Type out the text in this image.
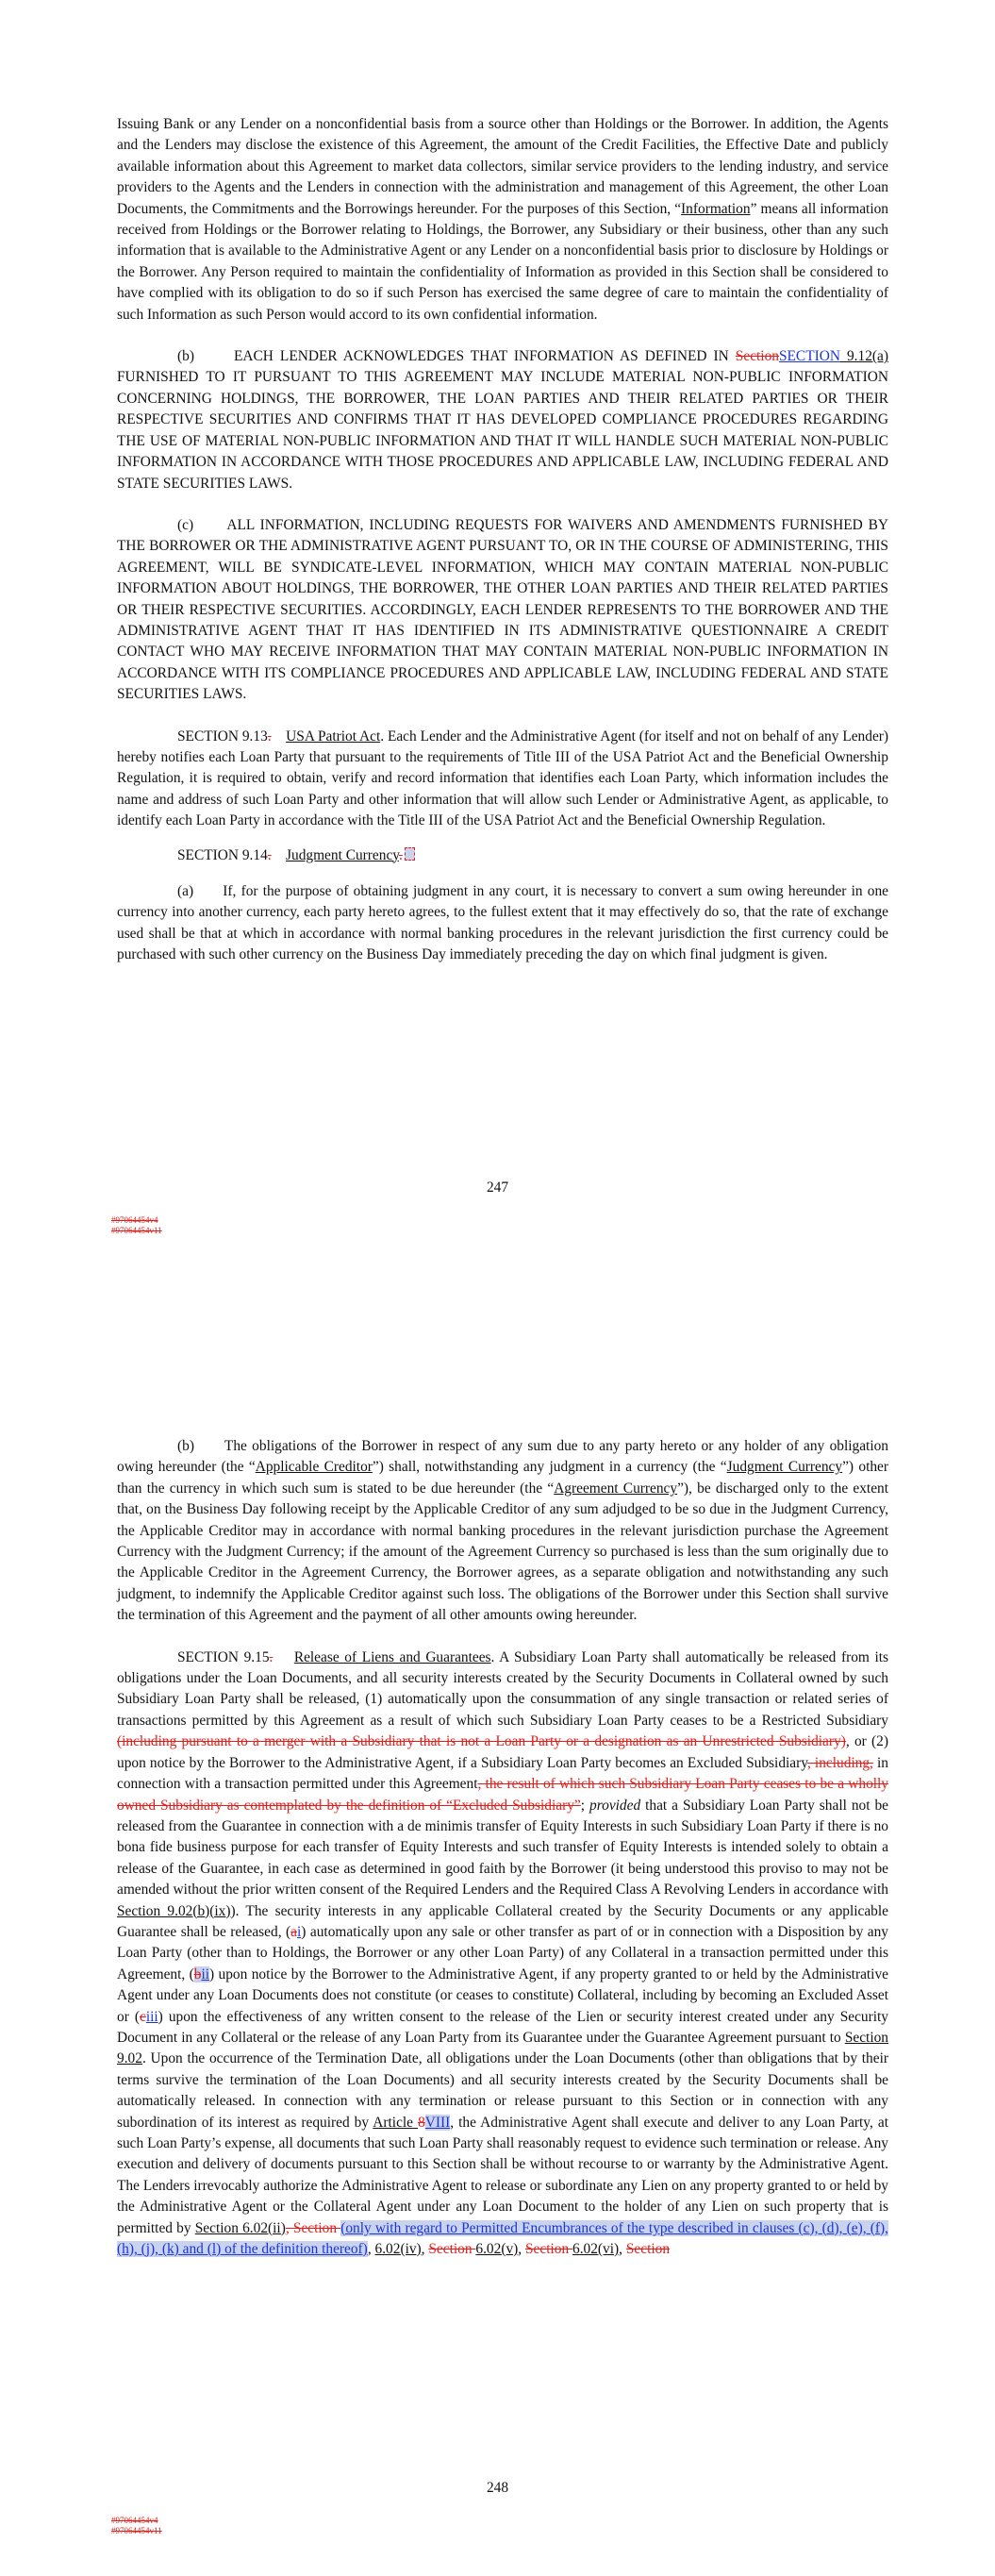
Issuing Bank or any Lender on a nonconfidential basis from a source other than Holdings or the Borrower. In addition, the Agents and the Lenders may disclose the existence of this Agreement, the amount of the Credit Facilities, the Effective Date and publicly available information about this Agreement to market data collectors, similar service providers to the lending industry, and service providers to the Agents and the Lenders in connection with the administration and management of this Agreement, the other Loan Documents, the Commitments and the Borrowings hereunder. For the purposes of this Section, “Information” means all information received from Holdings or the Borrower relating to Holdings, the Borrower, any Subsidiary or their business, other than any such information that is available to the Administrative Agent or any Lender on a nonconfidential basis prior to disclosure by Holdings or the Borrower. Any Person required to maintain the confidentiality of Information as provided in this Section shall be considered to have complied with its obligation to do so if such Person has exercised the same degree of care to maintain the confidentiality of such Information as such Person would accord to its own confidential information.

(b)      EACH LENDER ACKNOWLEDGES THAT INFORMATION AS DEFINED IN SectionSECTION 9.12(a) FURNISHED TO IT PURSUANT TO THIS AGREEMENT MAY INCLUDE MATERIAL NON-PUBLIC INFORMATION CONCERNING HOLDINGS, THE BORROWER, THE LOAN PARTIES AND THEIR RELATED PARTIES OR THEIR RESPECTIVE SECURITIES AND CONFIRMS THAT IT HAS DEVELOPED COMPLIANCE PROCEDURES REGARDING THE USE OF MATERIAL NON-PUBLIC INFORMATION AND THAT IT WILL HANDLE SUCH MATERIAL NON-PUBLIC INFORMATION IN ACCORDANCE WITH THOSE PROCEDURES AND APPLICABLE LAW, INCLUDING FEDERAL AND STATE SECURITIES LAWS.

(c)      ALL INFORMATION, INCLUDING REQUESTS FOR WAIVERS AND AMENDMENTS FURNISHED BY THE BORROWER OR THE ADMINISTRATIVE AGENT PURSUANT TO, OR IN THE COURSE OF ADMINISTERING, THIS AGREEMENT, WILL BE SYNDICATE-LEVEL INFORMATION, WHICH MAY CONTAIN MATERIAL NON-PUBLIC INFORMATION ABOUT HOLDINGS, THE BORROWER, THE OTHER LOAN PARTIES AND THEIR RELATED PARTIES OR THEIR RESPECTIVE SECURITIES. ACCORDINGLY, EACH LENDER REPRESENTS TO THE BORROWER AND THE ADMINISTRATIVE AGENT THAT IT HAS IDENTIFIED IN ITS ADMINISTRATIVE QUESTIONNAIRE A CREDIT CONTACT WHO MAY RECEIVE INFORMATION THAT MAY CONTAIN MATERIAL NON-PUBLIC INFORMATION IN ACCORDANCE WITH ITS COMPLIANCE PROCEDURES AND APPLICABLE LAW, INCLUDING FEDERAL AND STATE SECURITIES LAWS.

SECTION 9.13. USA Patriot Act. Each Lender and the Administrative Agent (for itself and not on behalf of any Lender) hereby notifies each Loan Party that pursuant to the requirements of Title III of the USA Patriot Act and the Beneficial Ownership Regulation, it is required to obtain, verify and record information that identifies each Loan Party, which information includes the name and address of such Loan Party and other information that will allow such Lender or Administrative Agent, as applicable, to identify each Loan Party in accordance with the Title III of the USA Patriot Act and the Beneficial Ownership Regulation.

SECTION 9.14. Judgment Currency.

(a)      If, for the purpose of obtaining judgment in any court, it is necessary to convert a sum owing hereunder in one currency into another currency, each party hereto agrees, to the fullest extent that it may effectively do so, that the rate of exchange used shall be that at which in accordance with normal banking procedures in the relevant jurisdiction the first currency could be purchased with such other currency on the Business Day immediately preceding the day on which final judgment is given.

247
#97064454v4
#97064454v11

(b)      The obligations of the Borrower in respect of any sum due to any party hereto or any holder of any obligation owing hereunder (the “Applicable Creditor”) shall, notwithstanding any judgment in a currency (the “Judgment Currency”) other than the currency in which such sum is stated to be due hereunder (the “Agreement Currency”), be discharged only to the extent that, on the Business Day following receipt by the Applicable Creditor of any sum adjudged to be so due in the Judgment Currency, the Applicable Creditor may in accordance with normal banking procedures in the relevant jurisdiction purchase the Agreement Currency with the Judgment Currency; if the amount of the Agreement Currency so purchased is less than the sum originally due to the Applicable Creditor in the Agreement Currency, the Borrower agrees, as a separate obligation and notwithstanding any such judgment, to indemnify the Applicable Creditor against such loss. The obligations of the Borrower under this Section shall survive the termination of this Agreement and the payment of all other amounts owing hereunder.

SECTION 9.15. Release of Liens and Guarantees. A Subsidiary Loan Party shall automatically be released from its obligations under the Loan Documents, and all security interests created by the Security Documents in Collateral owned by such Subsidiary Loan Party shall be released, (1) automatically upon the consummation of any single transaction or related series of transactions permitted by this Agreement as a result of which such Subsidiary Loan Party ceases to be a Restricted Subsidiary (including pursuant to a merger with a Subsidiary that is not a Loan Party or a designation as an Unrestricted Subsidiary), or (2) upon notice by the Borrower to the Administrative Agent, if a Subsidiary Loan Party becomes an Excluded Subsidiary, including, in connection with a transaction permitted under this Agreement, the result of which such Subsidiary Loan Party ceases to be a wholly owned Subsidiary as contemplated by the definition of “Excluded Subsidiary”; provided that a Subsidiary Loan Party shall not be released from the Guarantee in connection with a de minimis transfer of Equity Interests in such Subsidiary Loan Party if there is no bona fide business purpose for each transfer of Equity Interests and such transfer of Equity Interests is intended solely to obtain a release of the Guarantee, in each case as determined in good faith by the Borrower (it being understood this proviso to may not be amended without the prior written consent of the Required Lenders and the Required Class A Revolving Lenders in accordance with Section 9.02(b)(ix)). The security interests in any applicable Collateral created by the Security Documents or any applicable Guarantee shall be released, (ai) automatically upon any sale or other transfer as part of or in connection with a Disposition by any Loan Party (other than to Holdings, the Borrower or any other Loan Party) of any Collateral in a transaction permitted under this Agreement, (bii) upon notice by the Borrower to the Administrative Agent, if any property granted to or held by the Administrative Agent under any Loan Documents does not constitute (or ceases to constitute) Collateral, including by becoming an Excluded Asset or (ciii) upon the effectiveness of any written consent to the release of the Lien or security interest created under any Security Document in any Collateral or the release of any Loan Party from its Guarantee under the Guarantee Agreement pursuant to Section 9.02. Upon the occurrence of the Termination Date, all obligations under the Loan Documents (other than obligations that by their terms survive the termination of the Loan Documents) and all security interests created by the Security Documents shall be automatically released. In connection with any termination or release pursuant to this Section or in connection with any subordination of its interest as required by Article 8VIII, the Administrative Agent shall execute and deliver to any Loan Party, at such Loan Party’s expense, all documents that such Loan Party shall reasonably request to evidence such termination or release. Any execution and delivery of documents pursuant to this Section shall be without recourse to or warranty by the Administrative Agent. The Lenders irrevocably authorize the Administrative Agent to release or subordinate any Lien on any property granted to or held by the Administrative Agent or the Collateral Agent under any Loan Document to the holder of any Lien on such property that is permitted by Section 6.02(ii), Section (only with regard to Permitted Encumbrances of the type described in clauses (c), (d), (e), (f), (h), (j), (k) and (l) of the definition thereof), 6.02(iv), Section 6.02(v), Section 6.02(vi), Section

248
#97064454v4
#97064454v11
